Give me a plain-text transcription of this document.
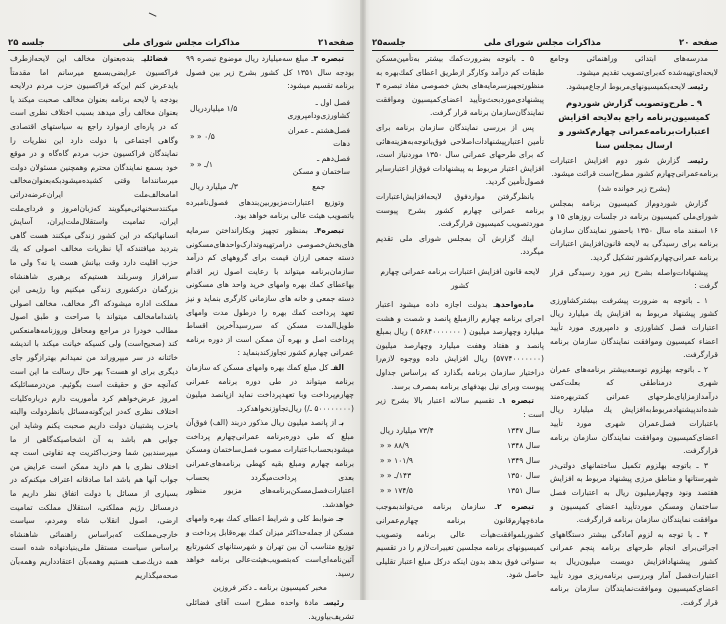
صفحه۲۱
مذاکرات مجلس شورای ملی
جلسه ۲۵

تبصره ۳ـ مبلغ سه‌میلیارد ریال موضوع تبصره ۹۹ بودجه سال ۱۳۵۱ کل کشور بشرح زیر بین فصول برنامه تقسیم میشود:

فصل اول ـ کشاورزی‌ودامپروری	۱/۵ میلیاردریال
فصل‌هشتم ـ عمران دهات	۰/۵ « «
فصل‌دهم ـ ساختمان و مسکن	۱/ـ « «
جمع	۳/ـ میلیارد ریال

وتوزیع اعتبارات‌مزبوربین‌بندهای فصول‌نامبرده باتصویب هیئت عالی برنامه خواهد بود.

تبصره۴ـ بمنظور تجهیز وبکارانداختن سرمایه های‌بخش‌خصوصی درامرتهیه‌وتدارک‌واحدهای‌مسکونی دسته جمعی ارزان قیمت برای گروههای کم درآمد سازمان‌برنامه میتواند با رعایت اصول زیر اقدام بهاعطای کمك بهره وامهای خرید واحد های مسکونی دسته جمعی و خانه های سازمانی کارگری بنماید و نیز تعهد پرداخت کمك بهره را درطول مدت وامهای طویل‌المدت مسکن که سررسیدآخرین اقساط پرداخت اصل و بهره آن ممکن است از دوره برنامه عمرانی چهارم کشور تجاوزکندبنماید :

الفـ کل مبلغ کمك بهره وامهای مسکن که سازمان برنامه میتواند در طی دوره برنامه عمرانی چهارم‌پرداخت وبا تعهدپرداخت نماید ازپانصد میلیون (۵۰۰۰۰۰۰۰۰ ـ/) ریال‌تجاوزنخواهدکرد.

بـ از پانصد میلیون ریال مذکور دربند (الف) فوق‌آن مبلغ که طی دوره‌برنامه عمرانی‌چهارم پرداخت میشودبحساب‌اعتبارات مصوب فصل‌ساختمان ومسکن برنامه چهارم ومبلغ بقیه کهطی برنامه‌های‌عمرانی بعدی پرداخت‌میگردد بحساب اعتبارات‌فصل‌مسکن‌برنامه‌های مزبور منظور خواهدشد.

جـ ضوابط کلی و شرایط اعطای کمك بهره وامهای مسکن از جمله‌حداکثر میزان کمك بهره‌قابل پرداخت و توزیع متناسب آن بین تهران و شهرستانهای کشورتابع آئین‌نامه‌ای‌است که‌بتصویب‌هیئت‌عالی برنامه خواهد رسید.

مخبر کمیسیون برنامه ـ دکتر فروزین

رئیسـ مادهٔ واحده مطرح است آقای فضائلی تشریف‌بیاورید.

فضائلیـ بنده‌بعنوان مخالف این لایحه‌ازطرف فراکسیون عرایضی‌بسمع میرسانم اما مقدمتاً بایدعرض کنم این‌که فراکسیون حزب مردم درلایحه بودجه یا لایحه برنامه بعنوان مخالف صحبت میکند یا بعنوان مخالف رأی میدهد بسبب اختلاف نظری است که در پاره‌ای ازموارد راجع به سیاستهای اقتصادی وگاهی اجتماعی با دولت دارد این نظریات را نمایندگان فراکسیون حزب مردم گاه‌گاه و در موقع خود بسمع نمایندگان محترم وهمچنین مسئولان دولت میرساننداما وقتی کشیده‌میشودبکه‌بعنوان‌مخالف امامخالف‌ملت ایران‌عرضه‌دراتی میکنندسخنهائی‌میگویند که‌زبان‌امروز و فردای‌ملت ایران، تمامیت واستقلال‌ملت‌ایران، آسایش انسانهائیکه در این کشور زندگی میکنند هست گاهی بتردید میافتندکه آیا نظریات مخالف اصولی که یك حزب اقلیت دارد وقت بیانش هست یا نه؟ ولی ما سرافراز وسربلند هستیم‌که برهبری شاهنشاه بزرگمان درکشوری زندگی میکنیم وبا رژیمی این مملکت اداره میشودکه اگر مخالف، مخالف اصولی باشد‌امامخالف میتواند با صراحت و طبق اصول مطالب خودرا در مراجع ومحافل وروزنامه‌هامنعکس کند (صحیح‌است) ولی کسیکه خیانت میکند با اندیشه خائنانه در سر میپروراند من نمیدانم بهتراز‌گور جای دیگری برای او هست؟ بهر حال رسالت ما این است که‌آنچه حق و حقیقت است بگوئیم. من‌درمسائلیکه امروز عرض‌خواهم کرد مأموریت دارم درباره‌کلیات اختلاف نظری که‌در این‌گونه‌مسائل بانظردولت والبته باحزب پشتیبان دولت داریم صحبت یکنم وشاید این جوابی هم باشد به آن اشخاصیکه‌گاهی از ما میپرسندبین شما وحزب‌اکثریت چه تفاوتی است چه اختلاف نظری با هم دارید ممکن است عرایض من جواب آنها هم باشد اما صادقانه اعتراف میکنم‌که در بسیاری از مسائل با دولت اتفاق نظر داریم ما درمسائل رژیم مملکتی، استقلال مملکت تمامیت ارضی، اصول انقلاب شاه ومردم، سیاست خارجی‌مملکت که‌براساس راهنمائی شاهنشاه براساس سیاست مستقل ملی‌بنیادنهاده شده است همه دریك‌صف هستیم وهمه‌بآن اعتقادداریم وهمه‌بآن صحه‌میگذاریم

صفحه ۲۰
مذاکرات مجلس شورای ملی
جلسه۲۵

مدرسه‌های ابتدائی وراهنمائی وجامع لایحه‌ای‌تهیه‌شده که‌برای‌تصویب تقدیم میشود.

رئیسـ لایحه‌بکمیسیونهای‌مربوط ارجاع‌میشود.

۹ ـ طرح‌وتصویب گزارش شوردوم کمیسیون‌برنامه راجع به‌لایحه افزایش اعتبارات‌برنامه‌عمرانی چهارم‌کشور و ارسال بمجلس سنا

رئیسـ گزارش شور دوم افزایش اعتبارات برنامه‌عمرانی‌چهارم کشور مطرح‌است قرائت میشود.

(بشرح زیر خوانده شد)

گزارش شوردوم‌از کمیسیون برنامه بمجلس شورای‌ملی کمیسیون برنامه در جلسات روزهای ۱۵ و ۱۶ اسفند ماه سال ۱۳۵۰ باحضور نمایندگان سازمان برنامه برای رسیدگی به لایحه قانون‌افزایش اعتبارات برنامه عمرانی‌چهارم‌کشور تشکیل گردید.

پیشنهادات‌واصله بشرح زیر مورد رسیدگی قرار گرفت :

۱ ـ باتوجه به ضرورت پیشرفت بیشترکشاورزی کشور پیشنهاد مربوط به افزایش یك میلیارد ریال اعتبارات فصل کشاورزی و دامپروری مورد تأیید اعضاء کمیسیون وموافقت نمایندگان سازمان برنامه قرارگرفت.

۲ ـ باتوجه بهلزوم توسعه‌بیشتر برنامه‌های عمران شهری درمناطقی که بعلت‌کمی درآمدازمزایای‌طرحهای عمرانی کمتر‌بهره‌مند شده‌اند‌پیشنهادمربوط‌به‌افزایش یك میلیارد ریال باعتبارات فصل‌عمران شهری مورد تأیید اعضای‌کمیسیون وموافقت نمایندگان سازمان برنامه قرارگرفت.

۳ ـ باتوجه بهلزوم تکمیل ساختمانهای دولتی‌در شهرستانها و مناطق مرزی پیشنهاد مربوط به افزایش هفتصد ونود وچهارمیلیون ریال به اعتبارات فصل ساختمان ومسکن مورد‌تأیید اعضای کمیسیون و موافقت نمایندگان سازمان برنامه قرارگرفت.

۴ ـ با توجه به لزوم آمادگی بیشتر دستگاههای اجرائی‌برای انجام طرحهای برنامه پنجم عمرانی کشور پیشنهادافزایش دویست میلیون‌ریال به اعتبارات‌فصل آمار وبررسی برنامه‌ریزی مورد تأیید اعضای‌کمیسیون وموافقت‌نمایندگان سازمان برنامه قرار گرفت.

۵ ـ باتوجه بضرورت‌کمك بیشتر به‌تأمین‌مسکن طبقات کم درآمد وکارگر ازطریق اعطای کمك‌بهره به منظورتجهیزسرمایه‌های بخش خصوصی مفاد تبصره ۳ پیشنهادی‌موردبحث‌وتأیید اعضای‌کمیسیون وموافقت نمایندگان‌سازمان برنامه قرار گرفت.

پس از بررسی نمایندگان سازمان برنامه برای تأمین اعتبارپیشنهادات‌اصلاحی فوق‌باتوجه‌به‌هزینه‌هائی که برای طرحهای عمرانی سال ۱۳۵۰ موردنیاز است، افزایش اعتبار مربوط به پیشنهادات فوق‌از اعتبارسایر فصول‌تأمین گردید.

بانظر‌گرفتن مواردفوق لایحه‌افزایش‌اعتبارات برنامه عمرانی چهارم کشور بشرح پیوست موردتصویب کمیسیون قرارگرفت.

اینك گزارش آن بمجلس شورای ملی تقدیم میگردد.

لایحه قانون افزایش اعتبارات برنامه عمرانی چهارم کشور

ماده‌واحدهـ بدولت اجازه داده میشود اعتبار اجرای برنامه چهارم راازمبلغ پانصد و شصت و هشت میلیارد وچهارصد میلیون ( ۵۶۸۴۰۰۰۰۰۰۰ ) ریال بمبلغ پانصد و هفتاد وهفت میلیارد وچهارصد میلیون (۵۷۷۴۰۰۰۰۰۰۰) ریال افزایش داده ووجوه لازم‌را دراختیار سازمان برنامه بگذارد که براساس جداول پیوست وبرای نیل بهدفهای برنامه بمصرف برسد.

تبصره ۱ـ تقسیم سالانه اعتبار بالا بشرح زیر است :

سال ۱۳۴۷	۷۳/۴ میلیارد ریال
سال ۱۳۴۸	۸۸/۹ « «
سال ۱۳۴۹	۱۰۱/۹ « «
سال ۱۳۵۰	۱۴۳/ـ « «
سال ۱۳۵۱	۱۷۴/۵ « «

تبصره ۲ـ سازمان برنامه می‌تواندبموجب مادهٔ‌چهارم‌قانون برنامه چهارم‌عمرانی کشوربلموافقت‌هیأت عالی برنامه وتصویب کمیسیونهای برنامه مجلسین تغییرات‌لازم را در تقسیم سنواتی فوق بدهد بدون اینکه درکل مبلغ اعتبار تقلیلی حاصل شود.
